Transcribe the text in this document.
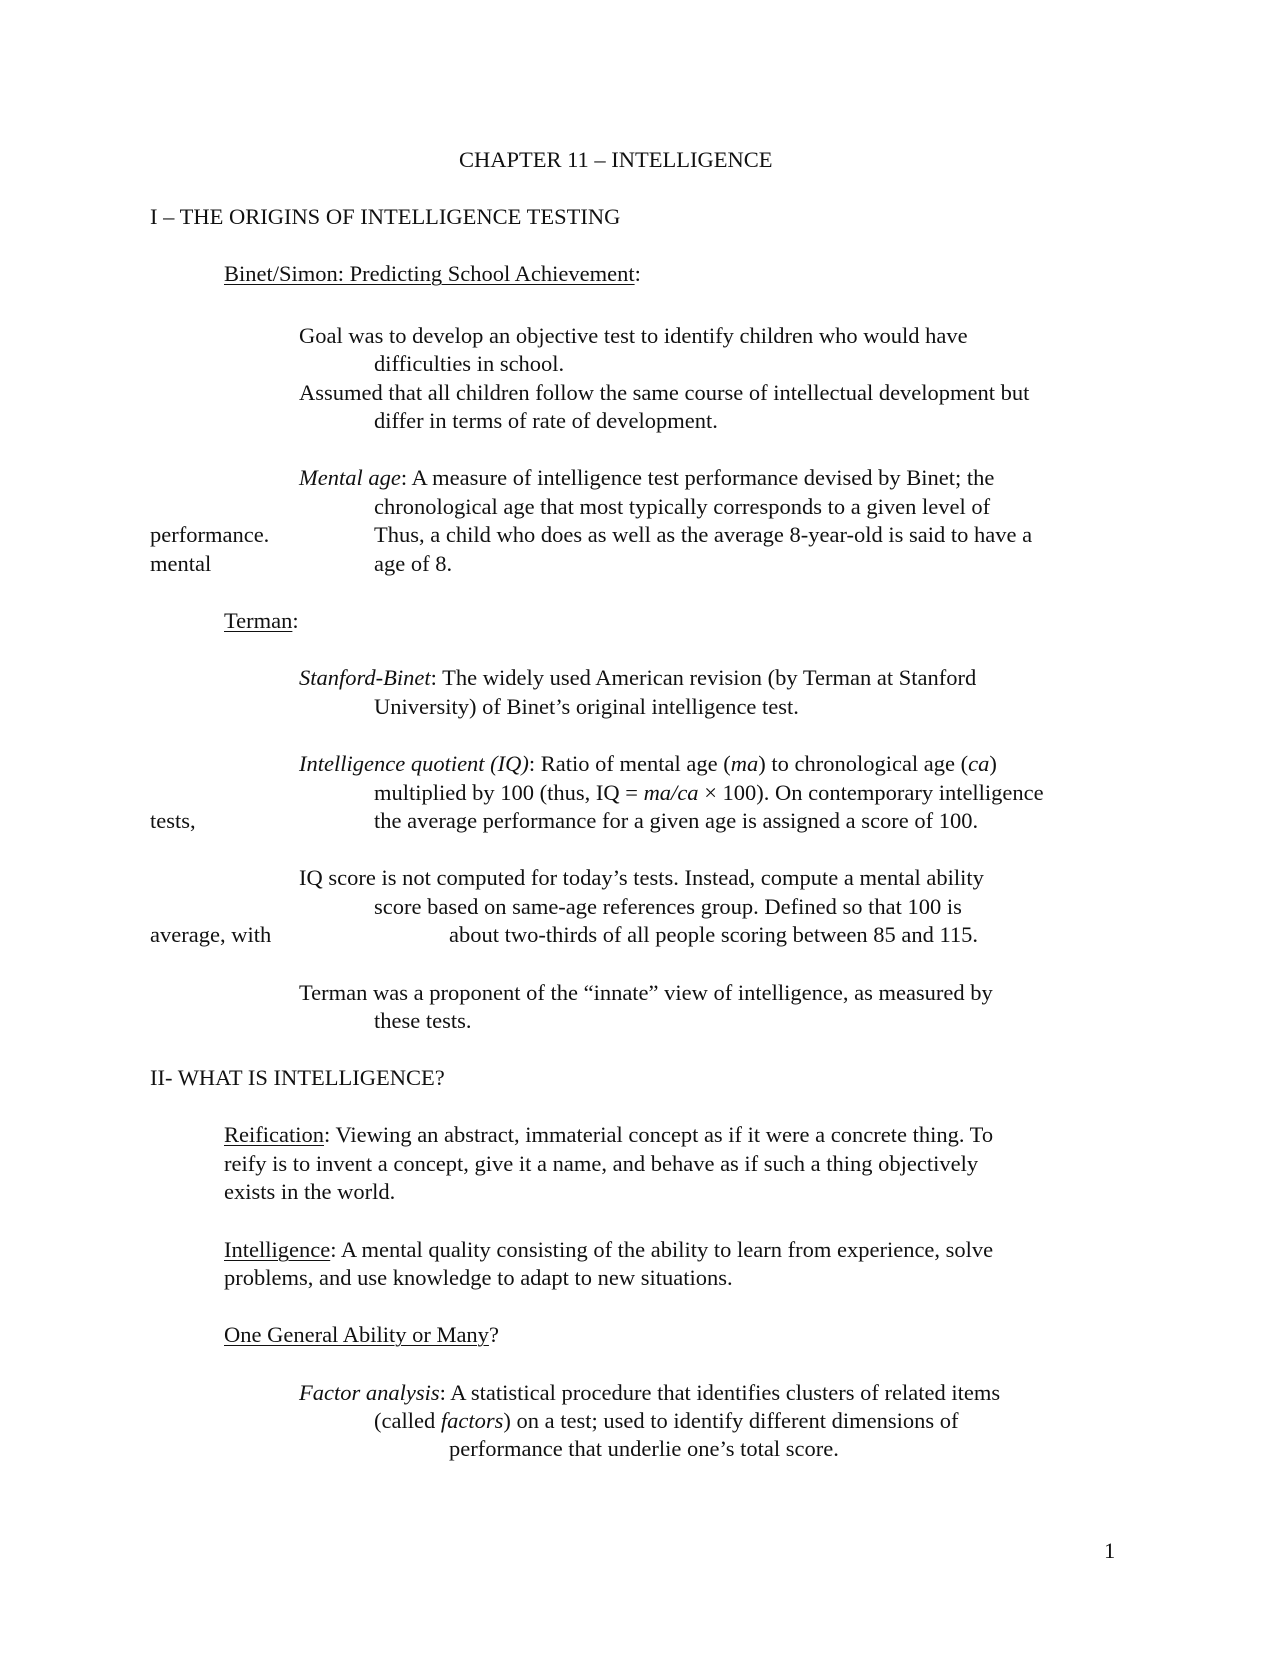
CHAPTER 11 – INTELLIGENCE
I – THE ORIGINS OF INTELLIGENCE TESTING
Binet/Simon: Predicting School Achievement:
Goal was to develop an objective test to identify children who would have
difficulties in school.
Assumed that all children follow the same course of intellectual development but
differ in terms of rate of development.
Mental age: A measure of intelligence test performance devised by Binet; the
chronological age that most typically corresponds to a given level of
performance.	Thus, a child who does as well as the average 8-year-old is said to have a
mental	age of 8.
Terman:
Stanford-Binet: The widely used American revision (by Terman at Stanford
University) of Binet’s original intelligence test.
Intelligence quotient (IQ): Ratio of mental age (ma) to chronological age (ca)
multiplied by 100 (thus, IQ = ma/ca × 100). On contemporary intelligence
tests,	the average performance for a given age is assigned a score of 100.
IQ score is not computed for today’s tests. Instead, compute a mental ability
score based on same-age references group. Defined so that 100 is
average, with	about two-thirds of all people scoring between 85 and 115.
Terman was a proponent of the “innate” view of intelligence, as measured by
these tests.
II- WHAT IS INTELLIGENCE?
Reification: Viewing an abstract, immaterial concept as if it were a concrete thing. To
reify is to invent a concept, give it a name, and behave as if such a thing objectively
exists in the world.
Intelligence: A mental quality consisting of the ability to learn from experience, solve
problems, and use knowledge to adapt to new situations.
One General Ability or Many?
Factor analysis: A statistical procedure that identifies clusters of related items
(called factors) on a test; used to identify different dimensions of
performance that underlie one’s total score.
1
